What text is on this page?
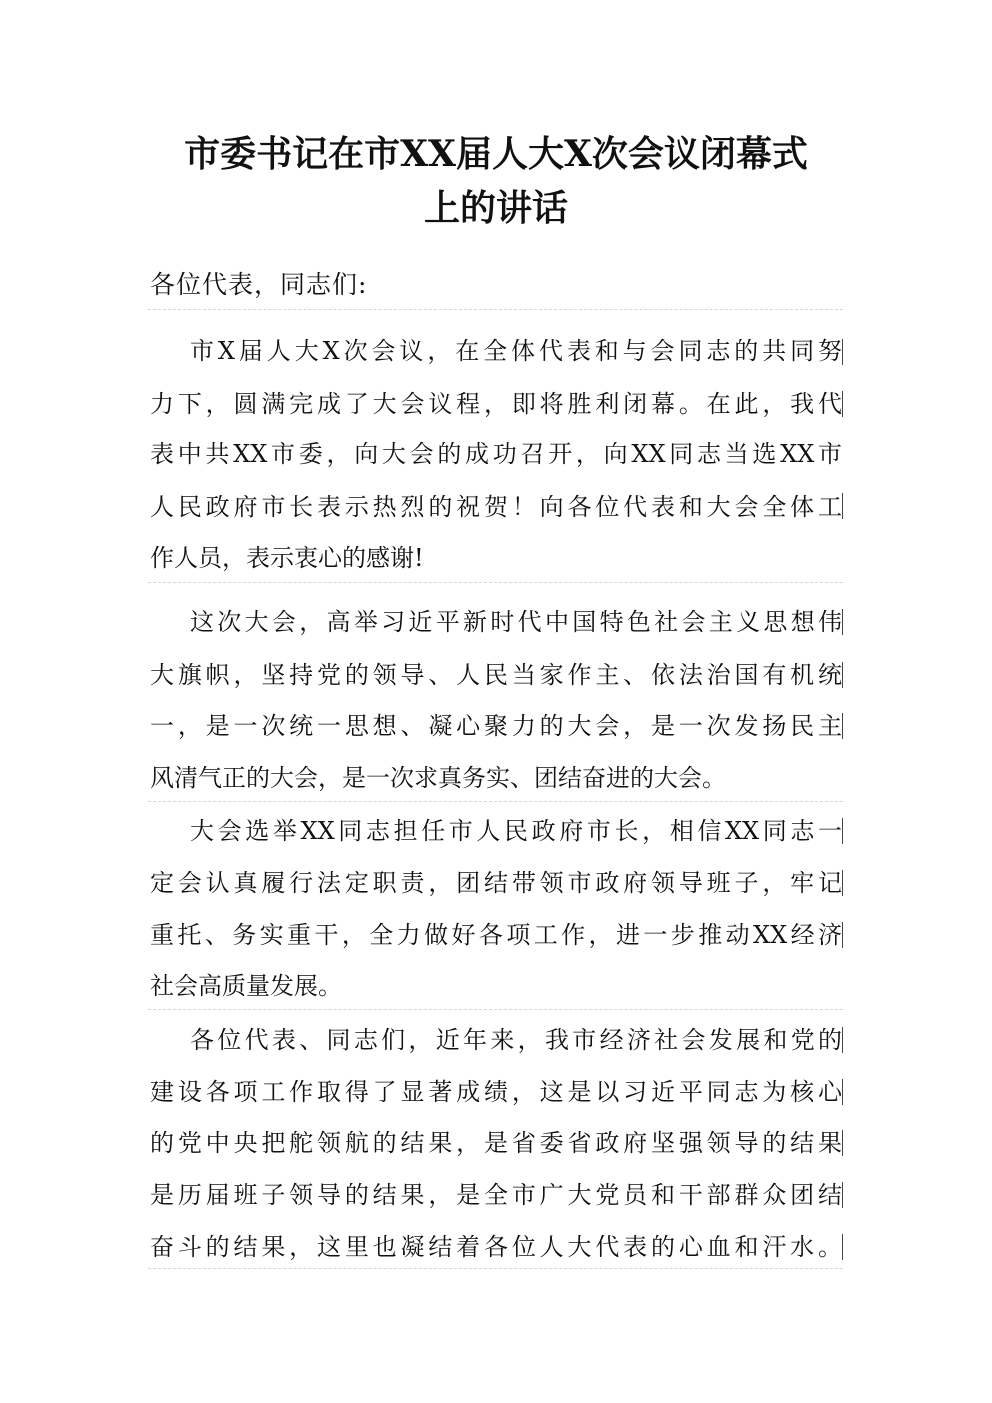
市委书记在市XX届人大X次会议闭幕式
上的讲话
各位代表，同志们:
市X届人大X次会议，在全体代表和与会同志的共同努
力下，圆满完成了大会议程，即将胜利闭幕。在此，我代
表中共XX市委，向大会的成功召开，向XX同志当选XX市
人民政府市长表示热烈的祝贺！向各位代表和大会全体工
作人员，表示衷心的感谢!
这次大会，高举习近平新时代中国特色社会主义思想伟
大旗帜，坚持党的领导、人民当家作主、依法治国有机统
一，是一次统一思想、凝心聚力的大会，是一次发扬民主
风清气正的大会，是一次求真务实、团结奋进的大会。
大会选举XX同志担任市人民政府市长，相信XX同志一
定会认真履行法定职责，团结带领市政府领导班子，牢记
重托、务实重干，全力做好各项工作，进一步推动XX经济
社会高质量发展。
各位代表、同志们，近年来，我市经济社会发展和党的
建设各项工作取得了显著成绩，这是以习近平同志为核心
的党中央把舵领航的结果，是省委省政府坚强领导的结果
是历届班子领导的结果，是全市广大党员和干部群众团结
奋斗的结果，这里也凝结着各位人大代表的心血和汗水。
